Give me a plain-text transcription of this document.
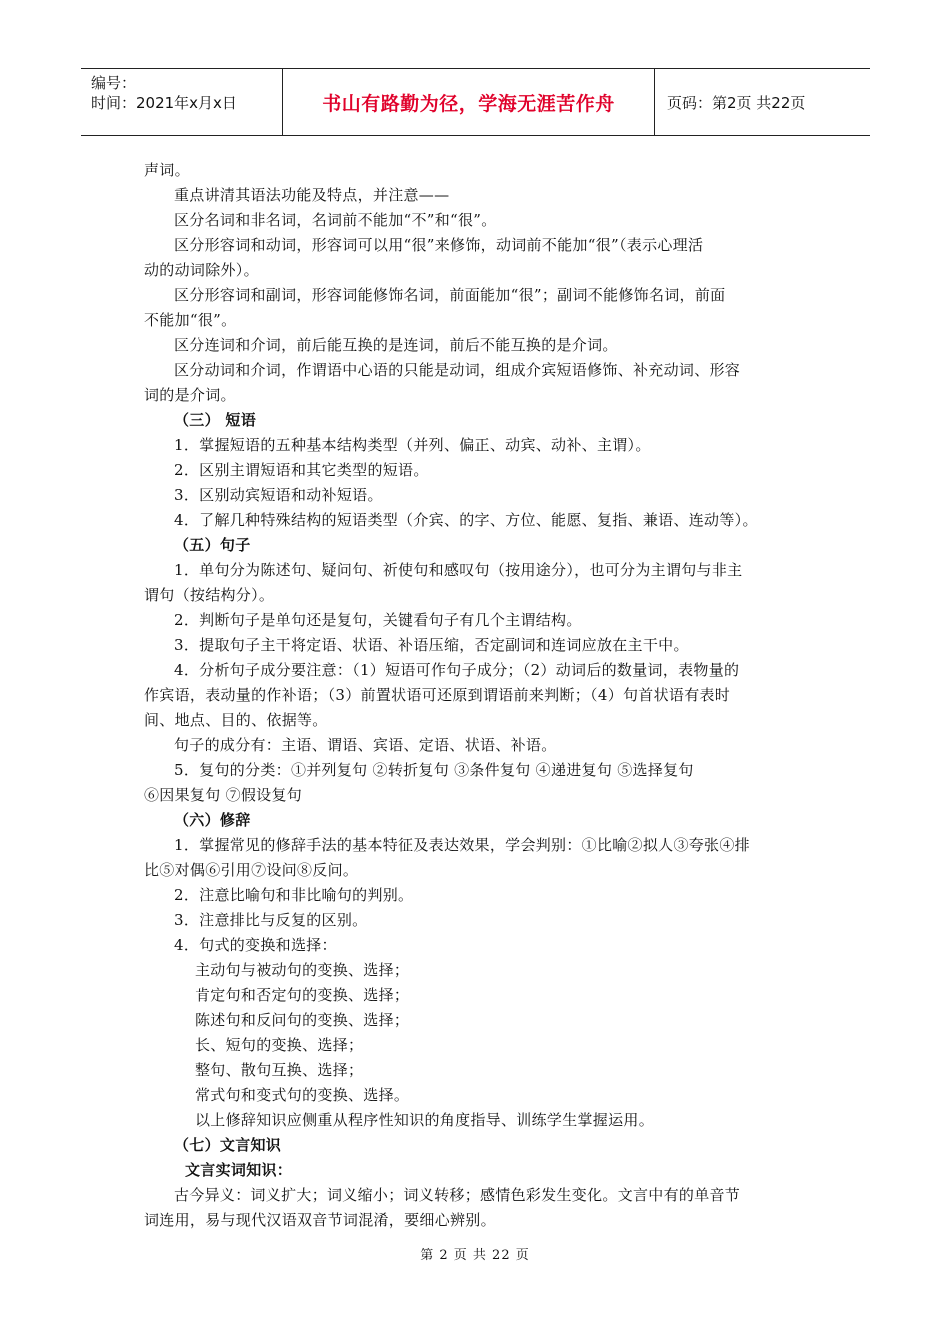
编号：
时间：2021年x月x日	书山有路勤为径，学海无涯苦作舟	页码：第2页 共22页
声词。
重点讲清其语法功能及特点，并注意——
区分名词和非名词，名词前不能加“不”和“很”。
区分形容词和动词，形容词可以用“很”来修饰，动词前不能加“很”（表示心理活
动的动词除外）。
区分形容词和副词，形容词能修饰名词，前面能加“很”；副词不能修饰名词，前面
不能加“很”。
区分连词和介词，前后能互换的是连词，前后不能互换的是介词。
区分动词和介词，作谓语中心语的只能是动词，组成介宾短语修饰、补充动词、形容
词的是介词。
（三） 短语
1．掌握短语的五种基本结构类型（并列、偏正、动宾、动补、主谓）。
2．区别主谓短语和其它类型的短语。
3．区别动宾短语和动补短语。
4．了解几种特殊结构的短语类型（介宾、的字、方位、能愿、复指、兼语、连动等）。
（五）句子
1．单句分为陈述句、疑问句、祈使句和感叹句（按用途分），也可分为主谓句与非主
谓句（按结构分）。
2．判断句子是单句还是复句，关键看句子有几个主谓结构。
3．提取句子主干将定语、状语、补语压缩，否定副词和连词应放在主干中。
4．分析句子成分要注意：（1）短语可作句子成分；（2）动词后的数量词，表物量的
作宾语，表动量的作补语；（3）前置状语可还原到谓语前来判断；（4）句首状语有表时
间、地点、目的、依据等。
句子的成分有：主语、谓语、宾语、定语、状语、补语。
5．复句的分类：①并列复句 ②转折复句 ③条件复句 ④递进复句 ⑤选择复句
⑥因果复句 ⑦假设复句
（六）修辞
1．掌握常见的修辞手法的基本特征及表达效果，学会判别：①比喻②拟人③夸张④排
比⑤对偶⑥引用⑦设问⑧反问。
2．注意比喻句和非比喻句的判别。
3．注意排比与反复的区别。
4．句式的变换和选择：
主动句与被动句的变换、选择；
肯定句和否定句的变换、选择；
陈述句和反问句的变换、选择；
长、短句的变换、选择；
整句、散句互换、选择；
常式句和变式句的变换、选择。
以上修辞知识应侧重从程序性知识的角度指导、训练学生掌握运用。
（七）文言知识
文言实词知识：
古今异义：词义扩大；词义缩小；词义转移；感情色彩发生变化。文言中有的单音节
词连用，易与现代汉语双音节词混淆，要细心辨别。
第 2 页 共 22 页
